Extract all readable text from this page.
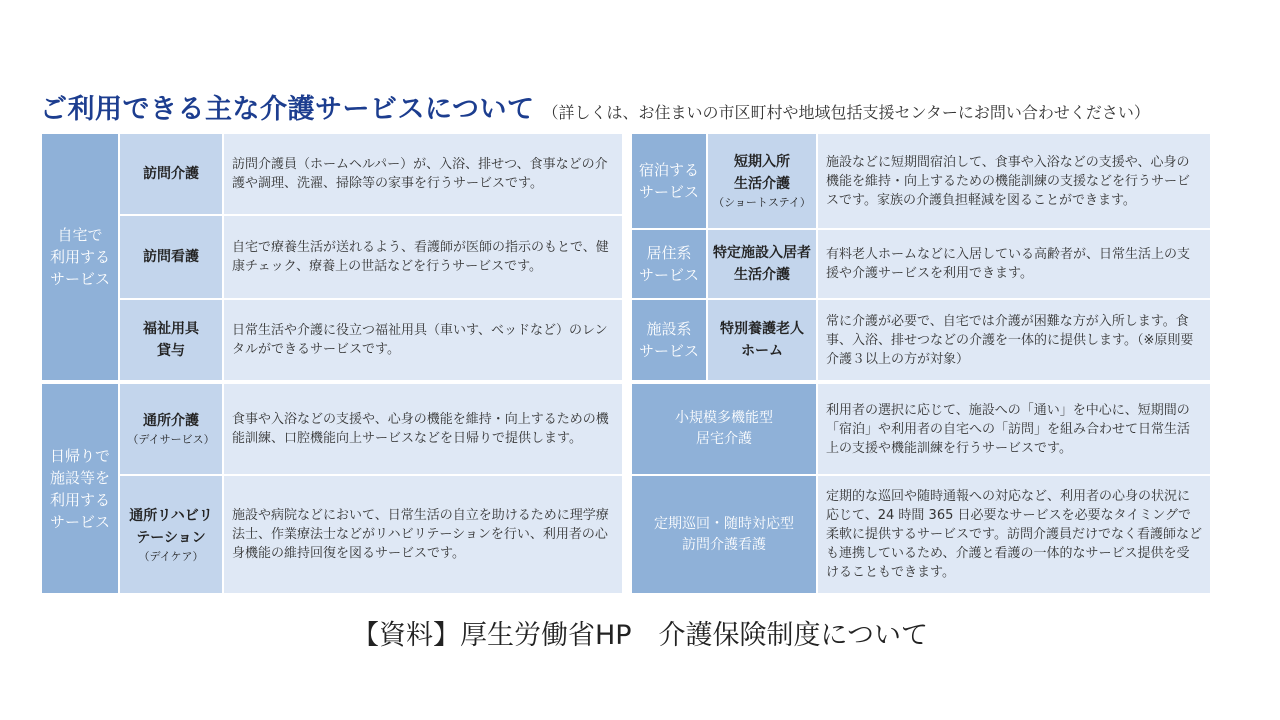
ご利用できる主な介護サービスについて （詳しくは、お住まいの市区町村や地域包括支援センターにお問い合わせください）
自宅で
利用する
サービス
訪問介護
訪問介護員（ホームヘルパー）が、入浴、排せつ、食事などの介護や調理、洗濯、掃除等の家事を行うサービスです。
訪問看護
自宅で療養生活が送れるよう、看護師が医師の指示のもとで、健康チェック、療養上の世話などを行うサービスです。
福祉用具
貸与
日常生活や介護に役立つ福祉用具（車いす、ベッドなど）のレンタルができるサービスです。
日帰りで
施設等を
利用する
サービス
通所介護
（デイサービス）
食事や入浴などの支援や、心身の機能を維持・向上するための機能訓練、口腔機能向上サービスなどを日帰りで提供します。
通所リハビリ
テーション
（デイケア）
施設や病院などにおいて、日常生活の自立を助けるために理学療法士、作業療法士などがリハビリテーションを行い、利用者の心身機能の維持回復を図るサービスです。
宿泊する
サービス
短期入所
生活介護
（ショートステイ）
施設などに短期間宿泊して、食事や入浴などの支援や、心身の機能を維持・向上するための機能訓練の支援などを行うサービスです。家族の介護負担軽減を図ることができます。
居住系
サービス
特定施設入居者
生活介護
有料老人ホームなどに入居している高齢者が、日常生活上の支援や介護サービスを利用できます。
施設系
サービス
特別養護老人
ホーム
常に介護が必要で、自宅では介護が困難な方が入所します。食事、入浴、排せつなどの介護を一体的に提供します。（※原則要介護３以上の方が対象）
小規模多機能型
居宅介護
利用者の選択に応じて、施設への「通い」を中心に、短期間の「宿泊」や利用者の自宅への「訪問」を組み合わせて日常生活上の支援や機能訓練を行うサービスです。
定期巡回・随時対応型
訪問介護看護
定期的な巡回や随時通報への対応など、利用者の心身の状況に応じて、24 時間 365 日必要なサービスを必要なタイミングで柔軟に提供するサービスです。訪問介護員だけでなく看護師なども連携しているため、介護と看護の一体的なサービス提供を受けることもできます。
【資料】厚生労働省HP　介護保険制度について
